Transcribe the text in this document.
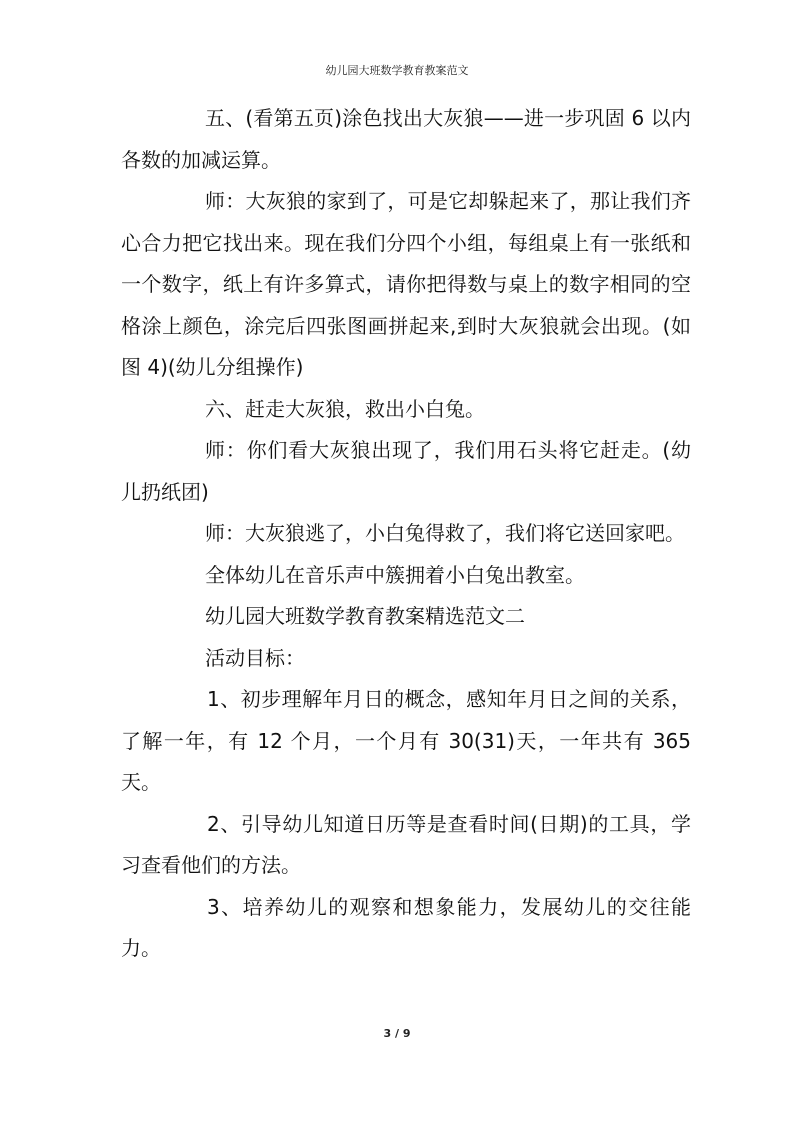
幼儿园大班数学教育教案范文

五、(看第五页)涂色找出大灰狼——进一步巩固 6 以内各数的加减运算。

师：大灰狼的家到了，可是它却躲起来了，那让我们齐心合力把它找出来。现在我们分四个小组，每组桌上有一张纸和一个数字，纸上有许多算式，请你把得数与桌上的数字相同的空格涂上颜色，涂完后四张图画拼起来,到时大灰狼就会出现。(如图 4)(幼儿分组操作)

六、赶走大灰狼，救出小白兔。

师：你们看大灰狼出现了，我们用石头将它赶走。(幼儿扔纸团)

师：大灰狼逃了，小白兔得救了，我们将它送回家吧。

全体幼儿在音乐声中簇拥着小白兔出教室。

幼儿园大班数学教育教案精选范文二

活动目标：

1、初步理解年月日的概念，感知年月日之间的关系，了解一年，有 12 个月，一个月有 30(31)天，一年共有 365 天。

2、引导幼儿知道日历等是查看时间(日期)的工具，学习查看他们的方法。

3、培养幼儿的观察和想象能力，发展幼儿的交往能力。

3 / 9
